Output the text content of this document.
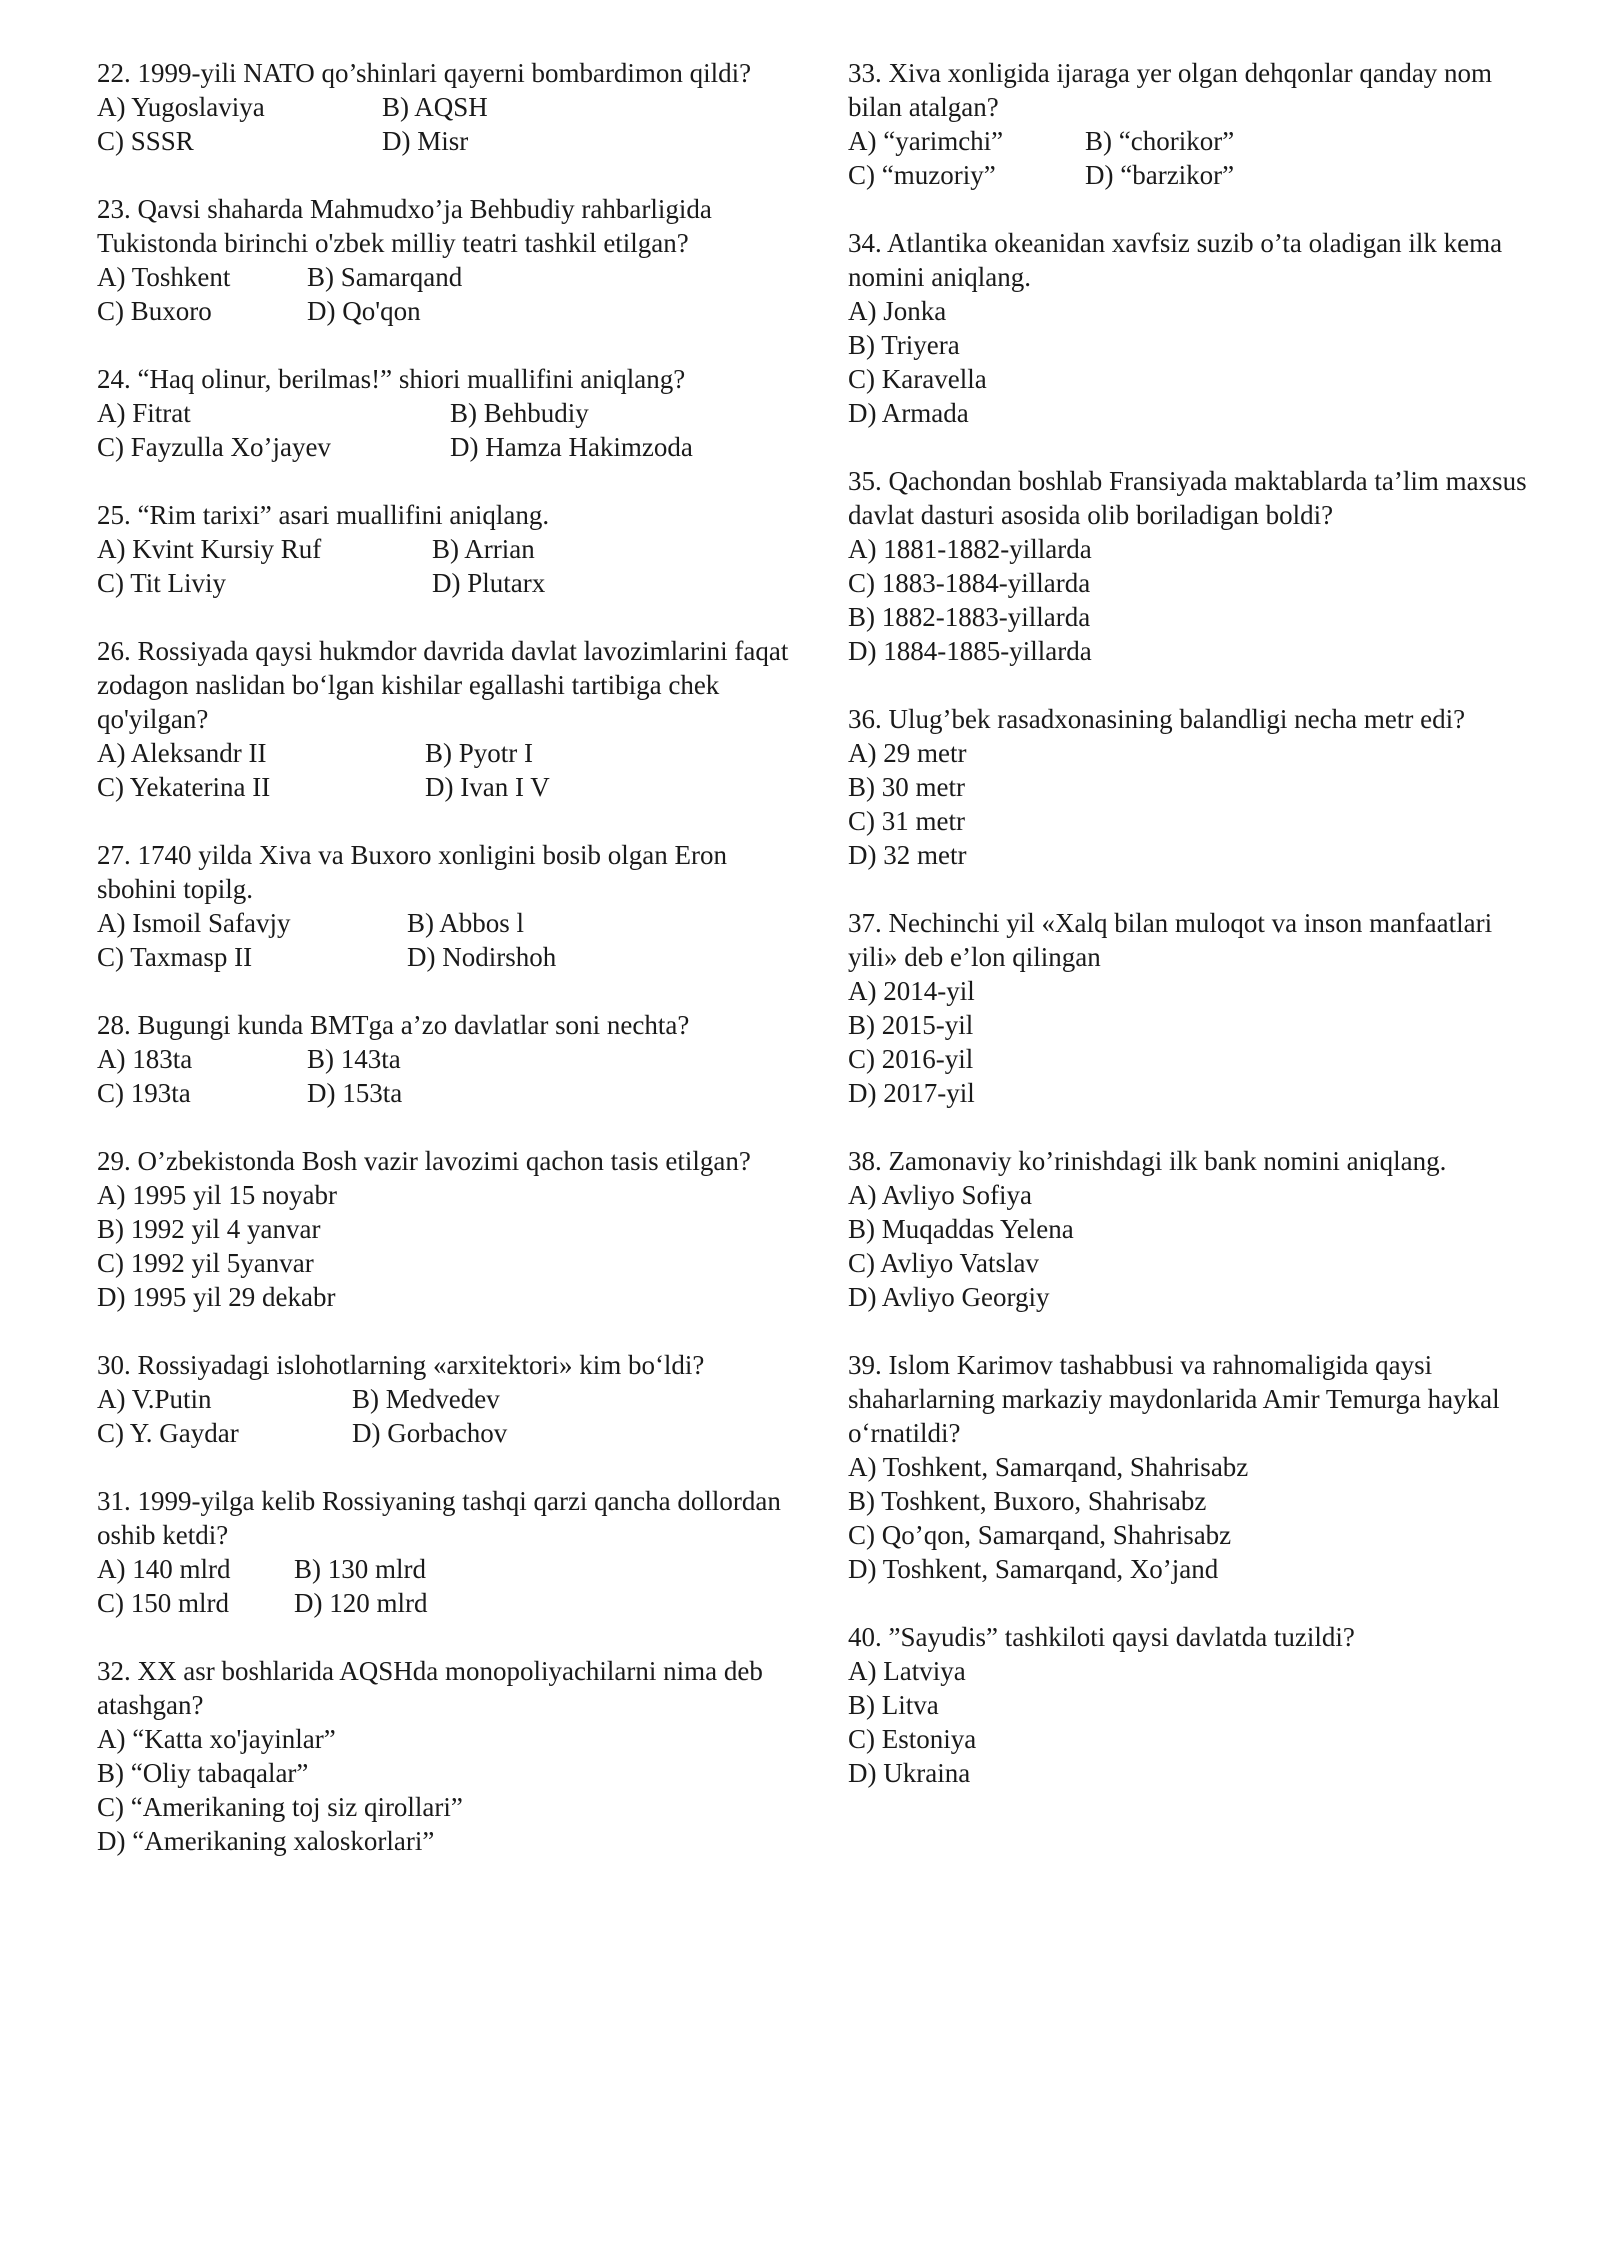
22. 1999-yili NATO qo’shinlari qayerni bombardimon qildi?
A) Yugoslaviya	B) AQSH
C) SSSR	D) Misr
23. Qavsi shaharda Mahmudxo’ja Behbudiy rahbarligida Tukistonda birinchi o'zbek milliy teatri tashkil etilgan?
A) Toshkent	B) Samarqand
C) Buxoro	D) Qo'qon
24. “Haq olinur, berilmas!” shiori muallifini aniqlang?
A) Fitrat	B) Behbudiy
C) Fayzulla Xo’jayev	D) Hamza Hakimzoda
25. “Rim tarixi” asari muallifini aniqlang.
A) Kvint Kursiy Ruf	B) Arrian
C) Tit Liviy	D) Plutarx
26. Rossiyada qaysi hukmdor davrida davlat lavozimlarini faqat zodagon naslidan bo‘lgan kishilar egallashi tartibiga chek qo'yilgan?
A) Aleksandr II	B) Pyotr I
C) Yekaterina II	D) Ivan I V
27. 1740 yilda Xiva va Buxoro xonligini bosib olgan Eron sbohini topilg.
A) Ismoil Safavjy	B) Abbos l
C) Taxmasp II	D) Nodirshoh
28. Bugungi kunda BMTga a’zo davlatlar soni nechta?
A) 183ta	B) 143ta
C) 193ta	D) 153ta
29. O’zbekistonda Bosh vazir lavozimi qachon tasis etilgan?
A) 1995 yil 15 noyabr
B) 1992 yil 4 yanvar
C) 1992 yil 5yanvar
D) 1995 yil 29 dekabr
30. Rossiyadagi islohotlarning «arxitektori» kim bo‘ldi?
A) V.Putin	B) Medvedev
C) Y. Gaydar	D) Gorbachov
31. 1999-yilga kelib Rossiyaning tashqi qarzi qancha dollordan oshib ketdi?
A) 140 mlrd	B) 130 mlrd
C) 150 mlrd	D) 120 mlrd
32. XX asr boshlarida AQSHda monopoliyachilarni nima deb atashgan?
A) “Katta xo'jayinlar”
B) “Oliy tabaqalar”
C) “Amerikaning toj siz qirollari”
D) “Amerikaning xaloskorlari”
33. Xiva xonligida ijaraga yer olgan dehqonlar qanday nom bilan atalgan?
A) “yarimchi”	B) “chorikor”
C) “muzoriy”	D) “barzikor”
34. Atlantika okeanidan xavfsiz suzib o’ta oladigan ilk kema nomini aniqlang.
A) Jonka
B) Triyera
C) Karavella
D) Armada
35. Qachondan boshlab Fransiyada maktablarda ta’lim maxsus davlat dasturi asosida olib boriladigan boldi?
A) 1881-1882-yillarda
C) 1883-1884-yillarda
B) 1882-1883-yillarda
D) 1884-1885-yillarda
36. Ulug’bek rasadxonasining balandligi necha metr edi?
A) 29 metr
B) 30 metr
C) 31 metr
D) 32 metr
37. Nechinchi yil «Xalq bilan muloqot va inson manfaatlari yili» deb e’lon qilingan
A) 2014-yil
B) 2015-yil
C) 2016-yil
D) 2017-yil
38. Zamonaviy ko’rinishdagi ilk bank nomini aniqlang.
A) Avliyo Sofiya
B) Muqaddas Yelena
C) Avliyo Vatslav
D) Avliyo Georgiy
39. Islom Karimov tashabbusi va rahnomaligida qaysi shaharlarning markaziy maydonlarida Amir Temurga haykal o‘rnatildi?
A) Toshkent, Samarqand, Shahrisabz
B) Toshkent, Buxoro, Shahrisabz
C) Qo’qon, Samarqand, Shahrisabz
D) Toshkent, Samarqand, Xo’jand
40. ”Sayudis” tashkiloti qaysi davlatda tuzildi?
A) Latviya
B) Litva
C) Estoniya
D) Ukraina
